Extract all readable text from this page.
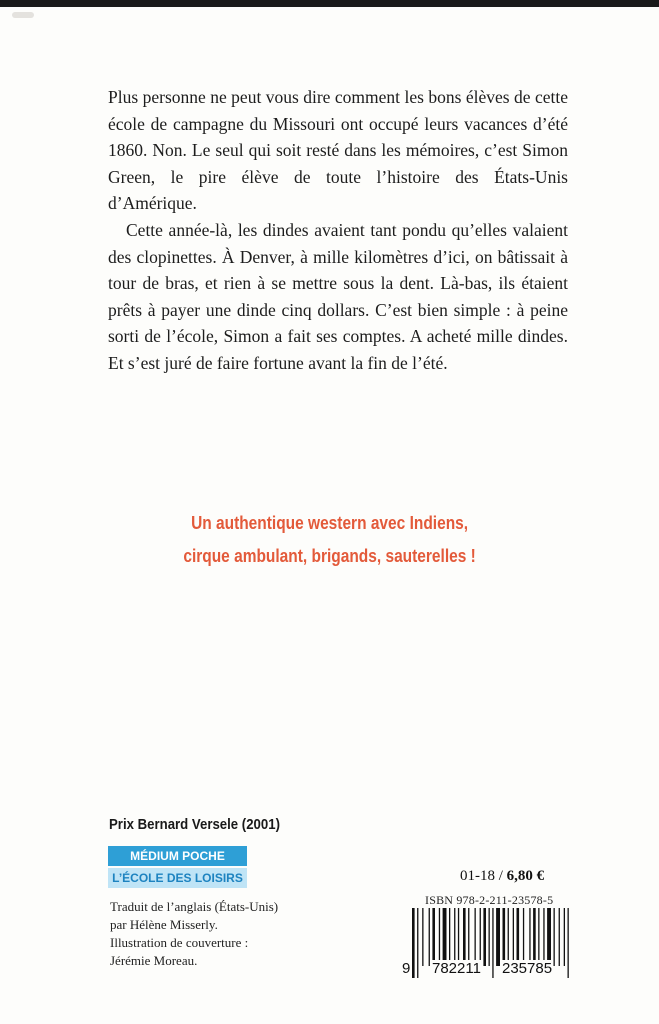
Plus personne ne peut vous dire comment les bons élèves de cette école de campagne du Missouri ont occupé leurs vacances d’été 1860. Non. Le seul qui soit resté dans les mémoires, c’est Simon Green, le pire élève de toute l’histoire des États-Unis d’Amérique.

Cette année-là, les dindes avaient tant pondu qu’elles valaient des clopinettes. À Denver, à mille kilomètres d’ici, on bâtissait à tour de bras, et rien à se mettre sous la dent. Là-bas, ils étaient prêts à payer une dinde cinq dollars. C’est bien simple : à peine sorti de l’école, Simon a fait ses comptes. A acheté mille dindes. Et s’est juré de faire fortune avant la fin de l’été.

Un authentique western avec Indiens,
cirque ambulant, brigands, sauterelles !
Prix Bernard Versele (2001)
MÉDIUM POCHE
L’ÉCOLE DES LOISIRS
Traduit de l’anglais (États-Unis)
par Hélène Misserly.
Illustration de couverture :
Jérémie Moreau.
01-18 / 6,80 €
ISBN 978-2-211-23578-5
9 782211 235785
